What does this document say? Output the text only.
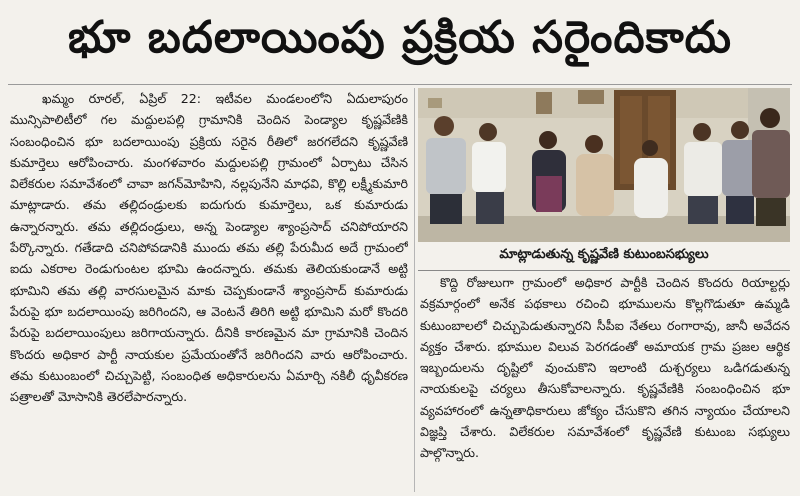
భూ బదలాయింపు ప్రక్రియ సరైందికాదు

ఖమ్మం రూరల్, ఏప్రిల్ 22: ఇటీవల మండలంలోని ఏదులాపురం మున్సిపాలిటీలో గల మద్దులపల్లి గ్రామానికి చెందిన పెండ్యాల కృష్ణవేణికి సంబంధించిన భూ బదలాయింపు ప్రక్రియ సరైన రీతిలో జరగలేదని కృష్ణవేణి కుమార్తెలు ఆరోపించారు. మంగళవారం మద్దులపల్లి గ్రామంలో ఏర్పాటు చేసిన విలేకరుల సమావేశంలో చావా జగన్‌మోహిని, నల్లపునేని మాధవి, కొల్లి లక్ష్మీకుమారి మాట్లాడారు. తమ తల్లిదండ్రులకు ఐదుగురు కుమార్తెలు, ఒక కుమారుడు ఉన్నారన్నారు. తమ తల్లిదండ్రులు, అన్న పెండ్యాల శ్యాంప్రసాద్ చనిపోయారని పేర్కొన్నారు. గతేడాది చనిపోవడానికి ముందు తమ తల్లి పేరుమీద అదే గ్రామంలో ఐదు ఎకరాల రెండుగుంటల భూమి ఉందన్నారు. తమకు తెలియకుండానే అట్టి భూమిని తమ తల్లి వారసులమైన మాకు చెప్పకుండానే శ్యాంప్రసాద్ కుమారుడు పేరుపై భూ బదలాయింపు జరిగిందని, ఆ వెంటనే తిరిగి అట్టి భూమిని మరో కొందరి పేరుపై బదలాయింపులు జరిగాయన్నారు. దీనికి కారణమైన మా గ్రామానికి చెందిన కొందరు అధికార పార్టీ నాయకుల ప్రమేయంతోనే జరిగిందని వారు ఆరోపించారు. తమ కుటుంబంలో చిచ్చుపెట్టి, సంబంధిత అధికారులను ఏమార్చి నకిలీ ధృవీకరణ పత్రాలతో మోసానికి తెరలేపారన్నారు.

మాట్లాడుతున్న కృష్ణవేణి కుటుంబసభ్యులు

కొద్ది రోజులుగా గ్రామంలో అధికార పార్టీకి చెందిన కొందరు రియాల్టర్లు వక్రమార్గంలో అనేక పథకాలు రచించి భూములను కొల్లగొడుతూ ఉమ్మడి కుటుంబాలలో చిచ్చుపెడుతున్నారని సీపీఐ నేతలు రంగారావు, జానీ అవేదన వ్యక్తం చేశారు. భూముల విలువ పెరగడంతో అమాయక గ్రామ ప్రజల ఆర్థిక ఇబ్బందులను దృష్టిలో వుంచుకొని ఇలాంటి దుశ్చర్యలు ఒడిగడుతున్న నాయకులపై చర్యలు తీసుకోవాలన్నారు. కృష్ణవేణికి సంబంధించిన భూ వ్యవహారంలో ఉన్నతాధికారులు జోక్యం చేసుకొని తగిన న్యాయం చేయాలని విజ్ఞప్తి చేశారు. విలేకరుల సమావేశంలో కృష్ణవేణి కుటుంబ సభ్యులు పాల్గొన్నారు.
